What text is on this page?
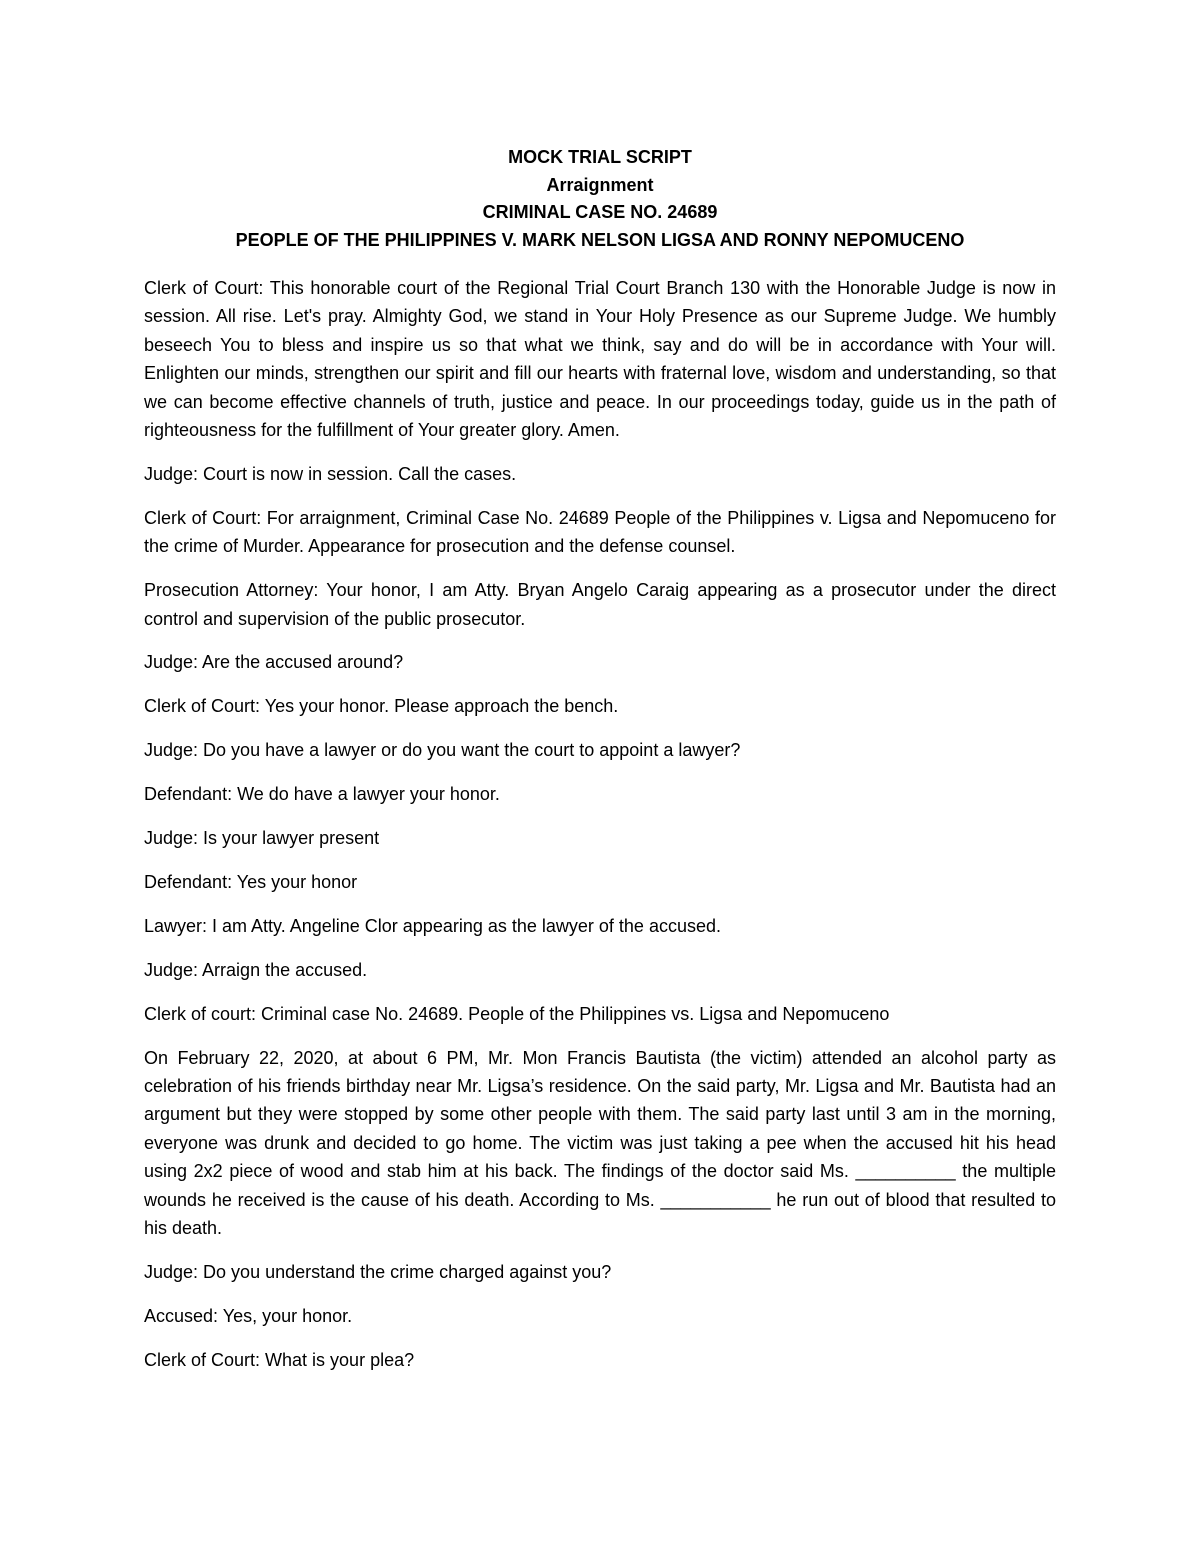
MOCK TRIAL SCRIPT
Arraignment
CRIMINAL CASE NO. 24689
PEOPLE OF THE PHILIPPINES V. MARK NELSON LIGSA AND RONNY NEPOMUCENO

Clerk of Court: This honorable court of the Regional Trial Court Branch 130 with the Honorable Judge is now in session. All rise. Let's pray. Almighty God, we stand in Your Holy Presence as our Supreme Judge. We humbly beseech You to bless and inspire us so that what we think, say and do will be in accordance with Your will. Enlighten our minds, strengthen our spirit and fill our hearts with fraternal love, wisdom and understanding, so that we can become effective channels of truth, justice and peace. In our proceedings today, guide us in the path of righteousness for the fulfillment of Your greater glory. Amen.

Judge: Court is now in session. Call the cases.

Clerk of Court: For arraignment, Criminal Case No. 24689 People of the Philippines v. Ligsa and Nepomuceno for the crime of Murder. Appearance for prosecution and the defense counsel.

Prosecution Attorney: Your honor, I am Atty. Bryan Angelo Caraig appearing as a prosecutor under the direct control and supervision of the public prosecutor.

Judge: Are the accused around?

Clerk of Court: Yes your honor. Please approach the bench.

Judge: Do you have a lawyer or do you want the court to appoint a lawyer?

Defendant: We do have a lawyer your honor.

Judge: Is your lawyer present

Defendant: Yes your honor

Lawyer: I am Atty. Angeline Clor appearing as the lawyer of the accused.

Judge: Arraign the accused.

Clerk of court: Criminal case No. 24689. People of the Philippines vs. Ligsa and Nepomuceno

On February 22, 2020, at about 6 PM, Mr. Mon Francis Bautista (the victim) attended an alcohol party as celebration of his friends birthday near Mr. Ligsa’s residence. On the said party, Mr. Ligsa and Mr. Bautista had an argument but they were stopped by some other people with them. The said party last until 3 am in the morning, everyone was drunk and decided to go home. The victim was just taking a pee when the accused hit his head using 2x2 piece of wood and stab him at his back. The findings of the doctor said Ms. __________ the multiple wounds he received is the cause of his death. According to Ms. ___________ he run out of blood that resulted to his death.

Judge: Do you understand the crime charged against you?

Accused: Yes, your honor.

Clerk of Court: What is your plea?
